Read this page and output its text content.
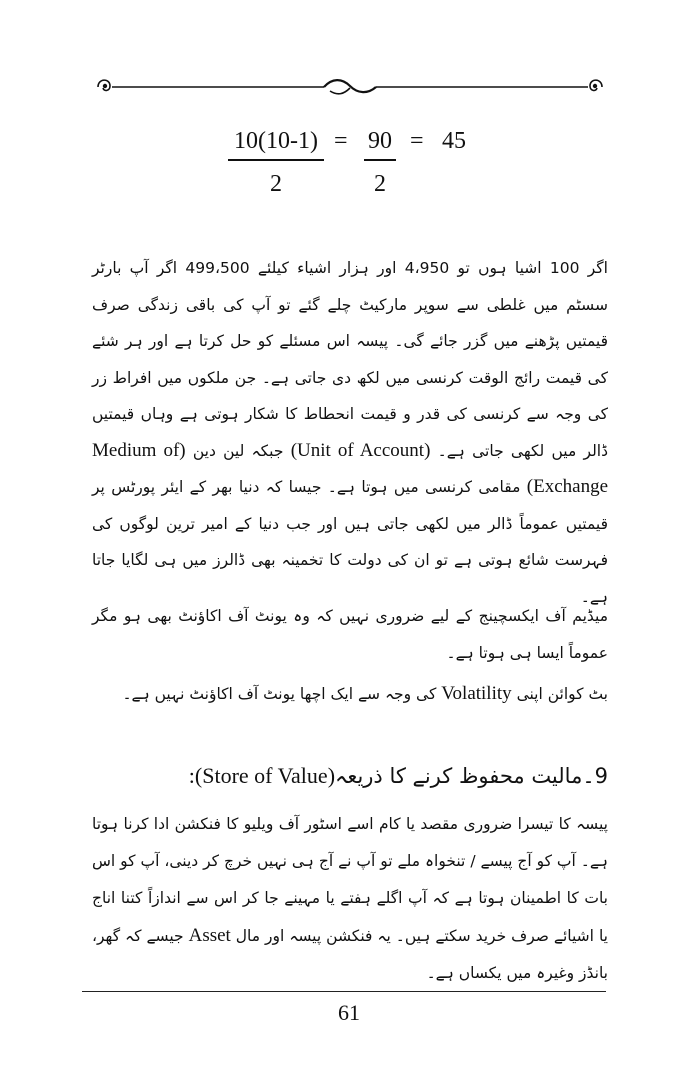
$\frac{10(10-1)}{2} = \frac{90}{2} = 45$

اگر 100 اشیا ہوں تو 4،950 اور ہزار اشیاء کیلئے 499،500 اگر آپ بارٹر سسٹم میں غلطی سے سوپر مارکیٹ چلے گئے تو آپ کی باقی زندگی صرف قیمتیں پڑھنے میں گزر جائے گی۔ پیسہ اس مسئلے کو حل کرتا ہے اور ہر شئے کی قیمت رائج الوقت کرنسی میں لکھ دی جاتی ہے۔ جن ملکوں میں افراط زر کی وجہ سے کرنسی کی قدر و قیمت انحطاط کا شکار ہوتی ہے وہاں قیمتیں ڈالر میں لکھی جاتی ہے۔ (Unit of Account) جبکہ لین دین (Medium of Exchange) مقامی کرنسی میں ہوتا ہے۔ جیسا کہ دنیا بھر کے ایئر پورٹس پر قیمتیں عموماً ڈالر میں لکھی جاتی ہیں اور جب دنیا کے امیر ترین لوگوں کی فہرست شائع ہوتی ہے تو ان کی دولت کا تخمینہ بھی ڈالرز میں ہی لگایا جاتا ہے۔

میڈیم آف ایکسچینج کے لیے ضروری نہیں کہ وہ یونٹ آف اکاؤنٹ بھی ہو مگر عموماً ایسا ہی ہوتا ہے۔

بٹ کوائن اپنی Volatility کی وجہ سے ایک اچھا یونٹ آف اکاؤنٹ نہیں ہے۔

9۔مالیت محفوظ کرنے کا ذریعہ(Store of Value):

پیسہ کا تیسرا ضروری مقصد یا کام اسے اسٹور آف ویلیو کا فنکشن ادا کرنا ہوتا ہے۔ آپ کو آج پیسے / تنخواہ ملے تو آپ نے آج ہی نہیں خرچ کر دینی، آپ کو اس بات کا اطمینان ہوتا ہے کہ آپ اگلے ہفتے یا مہینے جا کر اس سے اندازاً کتنا اناج یا اشیائے صرف خرید سکتے ہیں۔ یہ فنکشن پیسہ اور مال Asset جیسے کہ گھر، بانڈز وغیرہ میں یکساں ہے۔

61
